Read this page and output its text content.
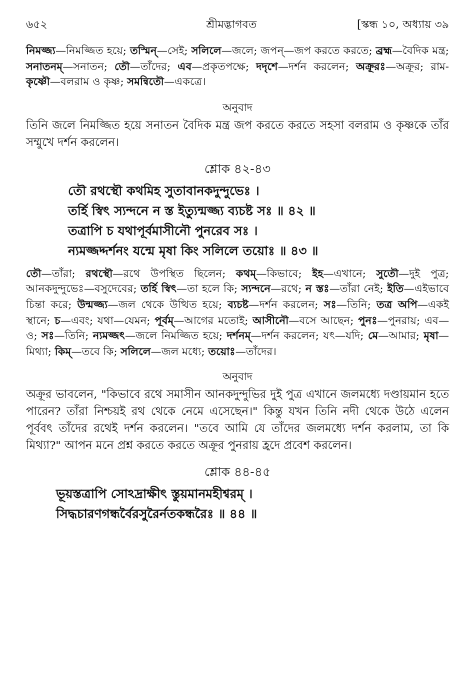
৬৫২	শ্রীমদ্ভাগবত	[স্কন্ধ ১০, অধ্যায় ৩৯

নিমজ্জ্য—নিমজ্জিত হয়ে; তস্মিন্—সেই; সলিলে—জলে; জপন্—জপ করতে করতে; ব্রহ্ম—বৈদিক মন্ত্র; সনাতনম্—সনাতন; তৌ—তাঁদের; এব—প্রকৃতপক্ষে; দদৃশে—দর্শন করলেন; অক্রূরঃ—অক্রূর; রাম-কৃষ্ণৌ—বলরাম ও কৃষ্ণ; সমন্বিতৌ—একত্রে।

অনুবাদ

তিনি জলে নিমজ্জিত হয়ে সনাতন বৈদিক মন্ত্র জপ করতে করতে সহসা বলরাম ও কৃষ্ণকে তাঁর সম্মুখে দর্শন করলেন।

শ্লোক ৪২-৪৩
তৌ রথস্থৌ কথমিহ সুতাবানকদুন্দুভেঃ ।
তর্হি স্বিৎ স্যন্দনে ন স্ত ইত্যুন্মজ্জ্য ব্যচষ্ট সঃ ॥ ৪২ ॥
তত্রাপি চ যথাপূর্বমাসীনৌ পুনরেব সঃ ।
ন্যমজ্জদ্দর্শনং যন্মে মৃষা কিং সলিলে তয়োঃ ॥ ৪৩ ॥

তৌ—তাঁরা; রথস্থৌ—রথে উপস্থিত ছিলেন; কথম্—কিভাবে; ইহ—এখানে; সুতৌ—দুই পুত্র; আনকদুন্দুভেঃ—বসুদেবের; তর্হি স্বিৎ—তা হলে কি; স্যন্দনে—রথে; ন স্তঃ—তাঁরা নেই; ইতি—এইভাবে চিন্তা করে; উন্মজ্জ্য—জল থেকে উত্থিত হয়ে; ব্যচষ্ট—দর্শন করলেন; সঃ—তিনি; তত্র অপি—একই স্থানে; চ—এবং; যথা—যেমন; পূর্বম্—আগের মতোই; আসীনৌ—বসে আছেন; পুনঃ—পুনরায়; এব—ও; সঃ—তিনি; ন্যমজ্জৎ—জলে নিমজ্জিত হয়ে; দর্শনম্—দর্শন করলেন; যৎ—যদি; মে—আমার; মৃষা—মিথ্যা; কিম্—তবে কি; সলিলে—জল মধ্যে; তয়োঃ—তাঁদের।

অনুবাদ

অক্রূর ভাবলেন, "কিভাবে রথে সমাসীন আনকদুন্দুভির দুই পুত্র এখানে জলমধ্যে দণ্ডায়মান হতে পারেন? তাঁরা নিশ্চয়ই রথ থেকে নেমে এসেছেন।" কিন্তু যখন তিনি নদী থেকে উঠে এলেন পূর্ববৎ তাঁদের রথেই দর্শন করলেন। "তবে আমি যে তাঁদের জলমধ্যে দর্শন করলাম, তা কি মিথ্যা?" আপন মনে প্রশ্ন করতে করতে অক্রূর পুনরায় হ্রদে প্রবেশ করলেন।

শ্লোক ৪৪-৪৫
ভূয়স্তত্রাপি সোঽদ্রাক্ষীৎ স্তুয়মানমহীশ্বরম্ ।
সিদ্ধচারণগন্ধর্বৈরসুরৈর্নতকন্ধরৈঃ ॥ ৪৪ ॥
